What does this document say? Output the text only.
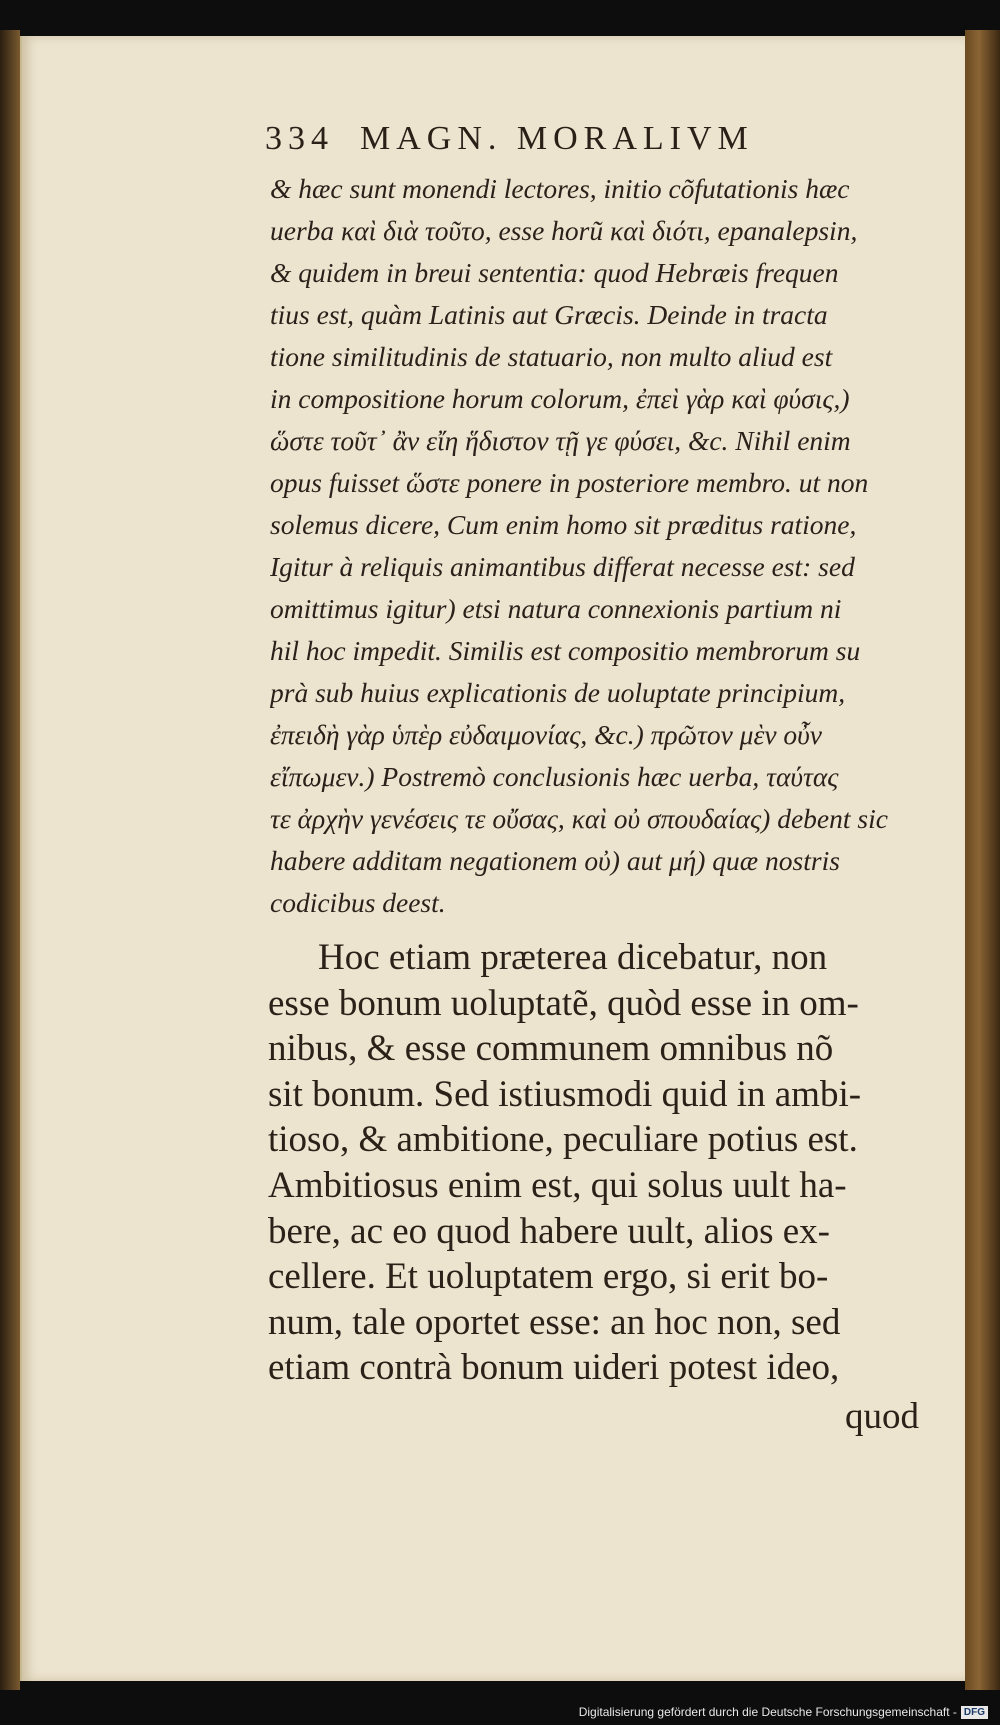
334 MAGN. MORALIVM
& hæc sunt monendi lectores, initio cõfutationis hæc
uerba καὶ διὰ τοῦτο, esse horũ καὶ διότι, epanalepsin,
& quidem in breui sententia: quod Hebræis frequen
tius est, quàm Latinis aut Græcis. Deinde in tracta
tione similitudinis de statuario, non multo aliud est
in compositione horum colorum, ἐπεὶ γὰρ καὶ φύσις,)
ὥστε τοῦτ᾽ ἂν εἴη ἥδιστον τῇ γε φύσει, &c. Nihil enim
opus fuisset ὥστε ponere in posteriore membro. ut non
solemus dicere, Cum enim homo sit præditus ratione,
Igitur à reliquis animantibus differat necesse est: sed
omittimus igitur) etsi natura connexionis partium ni
hil hoc impedit. Similis est compositio membrorum su
prà sub huius explicationis de uoluptate principium,
ἐπειδὴ γὰρ ὑπὲρ εὐδαιμονίας, &c.) πρῶτον μὲν οὖν
εἴπωμεν.) Postremò conclusionis hæc uerba, ταύτας
τε ἀρχὴν γενέσεις τε οὔσας, καὶ οὐ σπουδαίας) debent sic
habere additam negationem οὐ) aut μή) quæ nostris
codicibus deest.
Hoc etiam præterea dicebatur, non
esse bonum uoluptatẽ, quòd esse in om-
nibus, & esse communem omnibus nõ
sit bonum. Sed istiusmodi quid in ambi-
tioso, & ambitione, peculiare potius est.
Ambitiosus enim est, qui solus uult ha-
bere, ac eo quod habere uult, alios ex-
cellere. Et uoluptatem ergo, si erit bo-
num, tale oportet esse: an hoc non, sed
etiam contrà bonum uideri potest ideo,
quod
Digitalisierung gefördert durch die Deutsche Forschungsgemeinschaft - DFG
